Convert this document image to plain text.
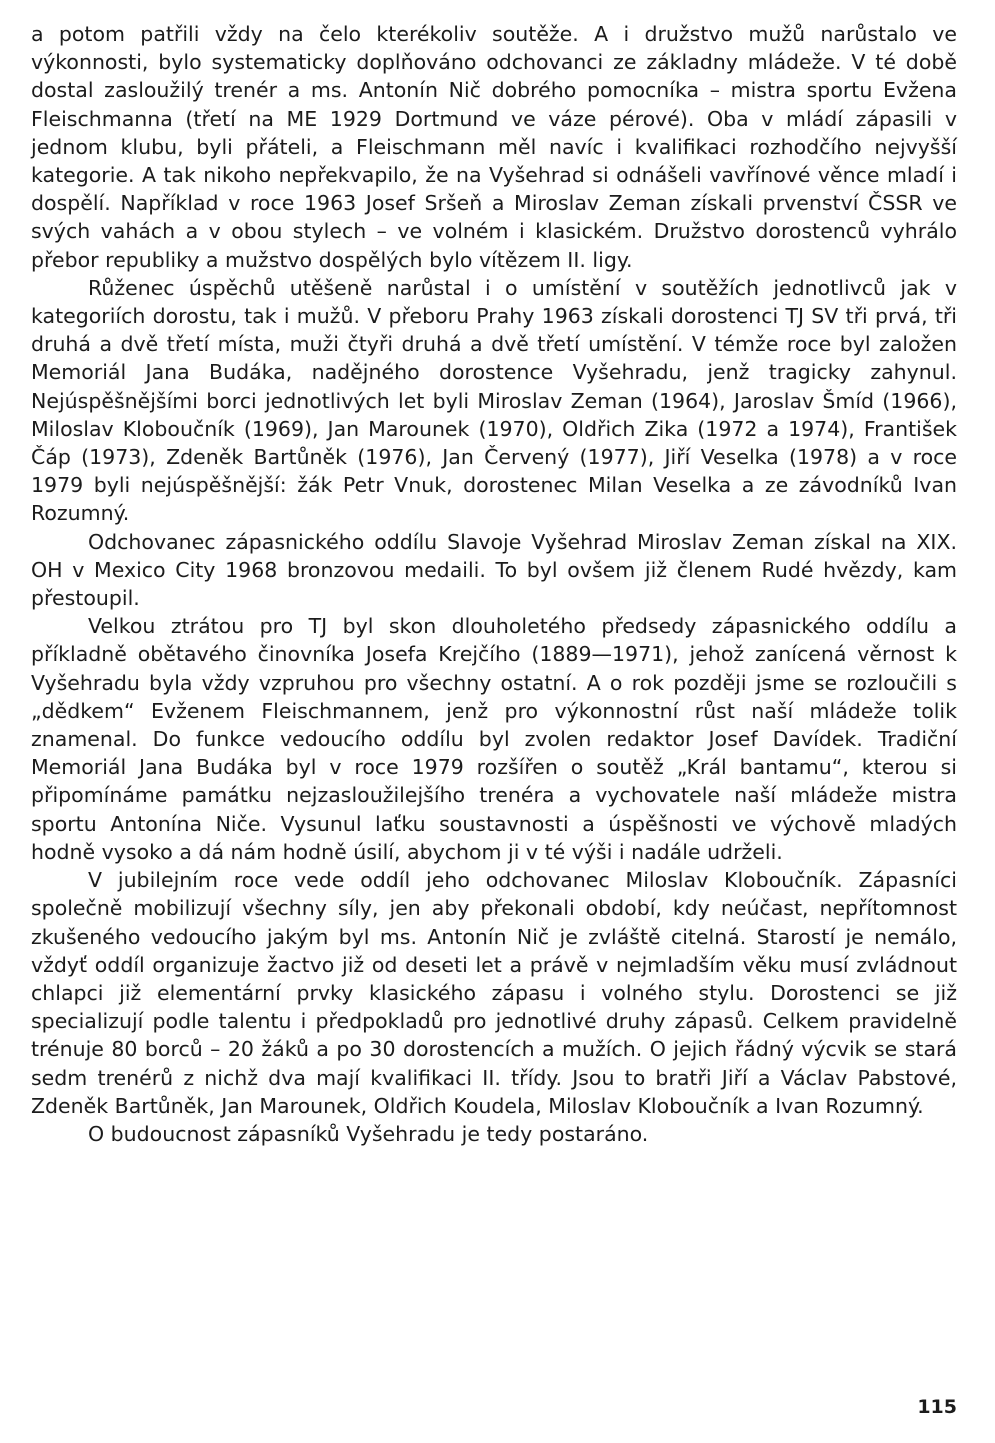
a potom patřili vždy na čelo kterékoliv soutěže. A i družstvo mužů narůstalo ve výkonnosti, bylo systematicky doplňováno odchovanci ze základny mládeže. V té době dostal zasloužilý trenér a ms. Antonín Nič dobrého pomocníka – mistra sportu Evžena Fleischmanna (třetí na ME 1929 Dortmund ve váze pérové). Oba v mládí zápasili v jednom klubu, byli přáteli, a Fleischmann měl navíc i kvalifikaci rozhodčího nejvyšší kategorie. A tak nikoho nepřekvapilo, že na Vyšehrad si odnášeli vavřínové věnce mladí i dospělí. Například v roce 1963 Josef Sršeň a Miroslav Zeman získali prvenství ČSSR ve svých vahách a v obou stylech – ve volném i klasickém. Družstvo dorostenců vyhrálo přebor republiky a mužstvo dospělých bylo vítězem II. ligy.

Růženec úspěchů utěšeně narůstal i o umístění v soutěžích jednotlivců jak v kategoriích dorostu, tak i mužů. V přeboru Prahy 1963 získali dorostenci TJ SV tři prvá, tři druhá a dvě třetí místa, muži čtyři druhá a dvě třetí umístění. V témže roce byl založen Memoriál Jana Budáka, nadějného dorostence Vyšehradu, jenž tragicky zahynul. Nejúspěšnějšími borci jednotlivých let byli Miroslav Zeman (1964), Jaroslav Šmíd (1966), Miloslav Kloboučník (1969), Jan Marounek (1970), Oldřich Zika (1972 a 1974), František Čáp (1973), Zdeněk Bartůněk (1976), Jan Červený (1977), Jiří Veselka (1978) a v roce 1979 byli nejúspěšnější: žák Petr Vnuk, dorostenec Milan Veselka a ze závodníků Ivan Rozumný.

Odchovanec zápasnického oddílu Slavoje Vyšehrad Miroslav Zeman získal na XIX. OH v Mexico City 1968 bronzovou medaili. To byl ovšem již členem Rudé hvězdy, kam přestoupil.

Velkou ztrátou pro TJ byl skon dlouholetého předsedy zápasnického oddílu a příkladně obětavého činovníka Josefa Krejčího (1889—1971), jehož zanícená věrnost k Vyšehradu byla vždy vzpruhou pro všechny ostatní. A o rok později jsme se rozloučili s „dědkem“ Evženem Fleischmannem, jenž pro výkonnostní růst naší mládeže tolik znamenal. Do funkce vedoucího oddílu byl zvolen redaktor Josef Davídek. Tradiční Memoriál Jana Budáka byl v roce 1979 rozšířen o soutěž „Král bantamu“, kterou si připomínáme památku nejzasloužilejšího trenéra a vychovatele naší mládeže mistra sportu Antonína Niče. Vysunul laťku soustavnosti a úspěšnosti ve výchově mladých hodně vysoko a dá nám hodně úsilí, abychom ji v té výši i nadále udrželi.

V jubilejním roce vede oddíl jeho odchovanec Miloslav Kloboučník. Zápasníci společně mobilizují všechny síly, jen aby překonali období, kdy neúčast, nepřítomnost zkušeného vedoucího jakým byl ms. Antonín Nič je zvláště citelná. Starostí je nemálo, vždyť oddíl organizuje žactvo již od deseti let a právě v nejmladším věku musí zvládnout chlapci již elementární prvky klasického zápasu i volného stylu. Dorostenci se již specializují podle talentu i předpokladů pro jednotlivé druhy zápasů. Celkem pravidelně trénuje 80 borců – 20 žáků a po 30 dorostencích a mužích. O jejich řádný výcvik se stará sedm trenérů z nichž dva mají kvalifikaci II. třídy. Jsou to bratři Jiří a Václav Pabstové, Zdeněk Bartůněk, Jan Marounek, Oldřich Koudela, Miloslav Kloboučník a Ivan Rozumný.

O budoucnost zápasníků Vyšehradu je tedy postaráno.

115
